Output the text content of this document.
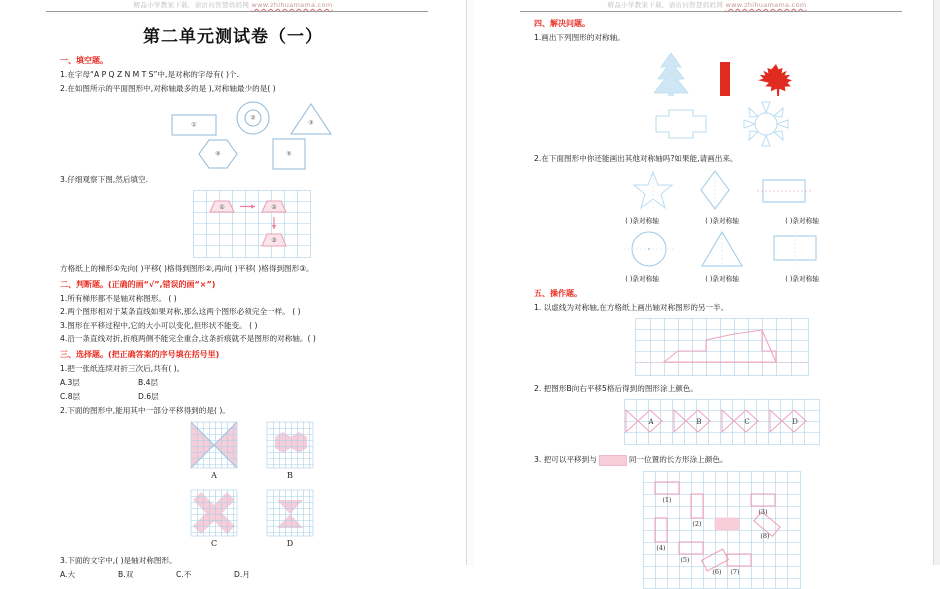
精品小学教案下载，请访问智慧妈妈网 www.zhihuamama.com
第二单元测试卷（一）
一、填空题。
1.在字母“A P Q Z N M T S”中,是对称的字母有( )个.
2.在如图所示的平面图形中,对称轴最多的是 ),对称轴最少的是( )
①
②
③
④	⑤
3.仔细观察下图,然后填空.
①	②
③
方格纸上的梯形①先向( )平移( )格得到图形②,再向( )平移( )格得到图形③。
二、判断题。(正确的画“√”,错误的画“×”)
1.所有梯形都不是轴对称图形。 ( )
2.两个图形相对于某条直线如果对称,那么这两个图形必须完全一样。 ( )
3.图形在平移过程中,它的大小可以变化,但形状不能变。 ( )
4.沿一条直线对折,折痕两侧不能完全重合,这条折痕就不是图形的对称轴。( )
三、选择题。(把正确答案的序号填在括号里)
1.把一张纸连续对折三次后,共有( )。
A.3层	B.4层
C.8层	D.6层
2.下面的图形中,能用其中一部分平移得到的是( )。
A	B
C	D
3.下面的文字中,( )是轴对称图形。
A.大	B.双	C.不	D.月
精品小学教案下载，请访问智慧妈妈网 www.zhihuamama.com
四、解决问题。
1.画出下列图形的对称轴。
2.在下面图形中你还能画出其他对称轴吗?如果能,请画出来。
( )条对称轴	( )条对称轴	( )条对称轴
( )条对称轴	( )条对称轴	( )条对称轴
五、操作题。
1. 以虚线为对称轴,在方格纸上画出轴对称图形的另一半。
2. 把图形B向右平移5格后得到的图形涂上颜色。
A	B	C	D
3. 把可以平移到与	同一位置的长方形涂上颜色。
(1)
(2)
(3)
(4)
(5)
(6) (7)
(8)
